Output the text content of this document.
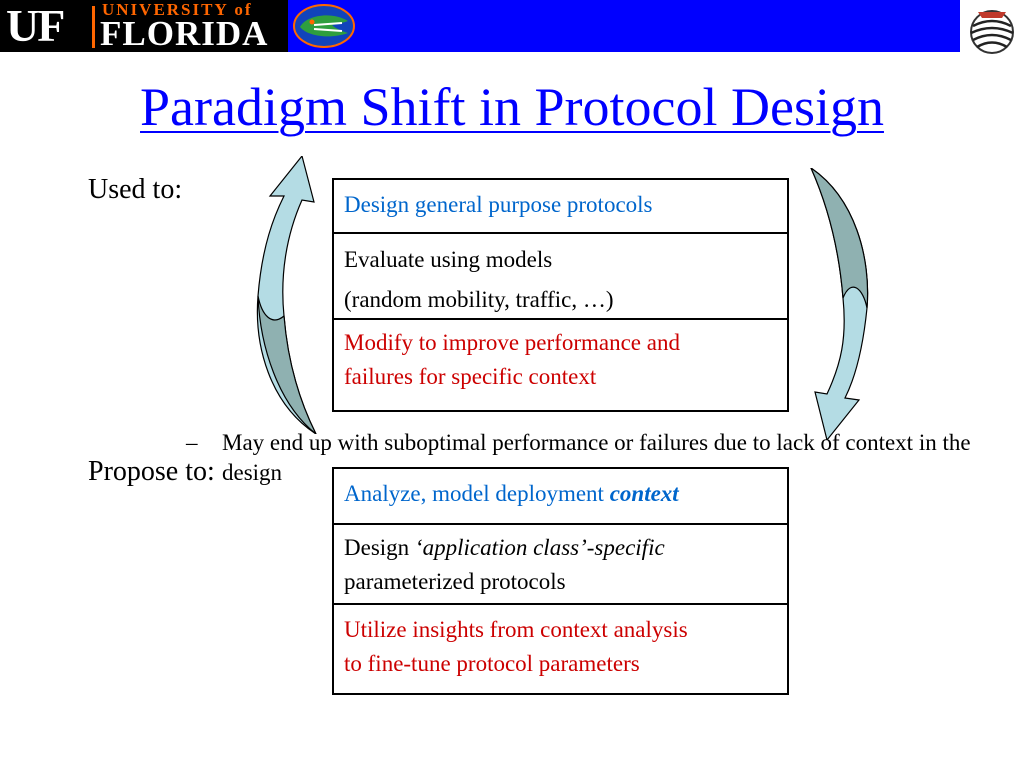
UF UNIVERSITY of
FLORIDA
Paradigm Shift in Protocol Design
Used to:	Design general purpose protocols
Evaluate using models
(random mobility, traffic, …)
Modify to improve performance and
failures for specific context
– May end up with suboptimal performance or failures due to lack of context in the design
Propose to:
Analyze, model deployment context
Design ‘application class’-specific
parameterized protocols
Utilize insights from context analysis
to fine-tune protocol parameters
